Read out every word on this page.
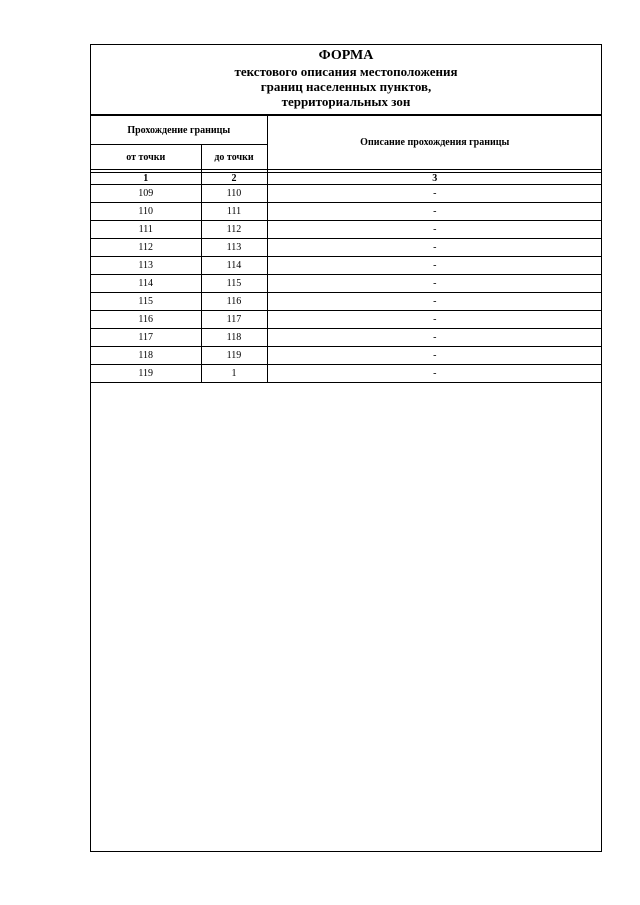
ФОРМА
текстового описания местоположения
границ населенных пунктов,
территориальных зон
Прохождение границы		Описание прохождения границы
от точки	до точки	

1	2	3
109	110	-
110	111	-
111	112	-
112	113	-
113	114	-
114	115	-
115	116	-
116	117	-
117	118	-
118	119	-
119	1	-
